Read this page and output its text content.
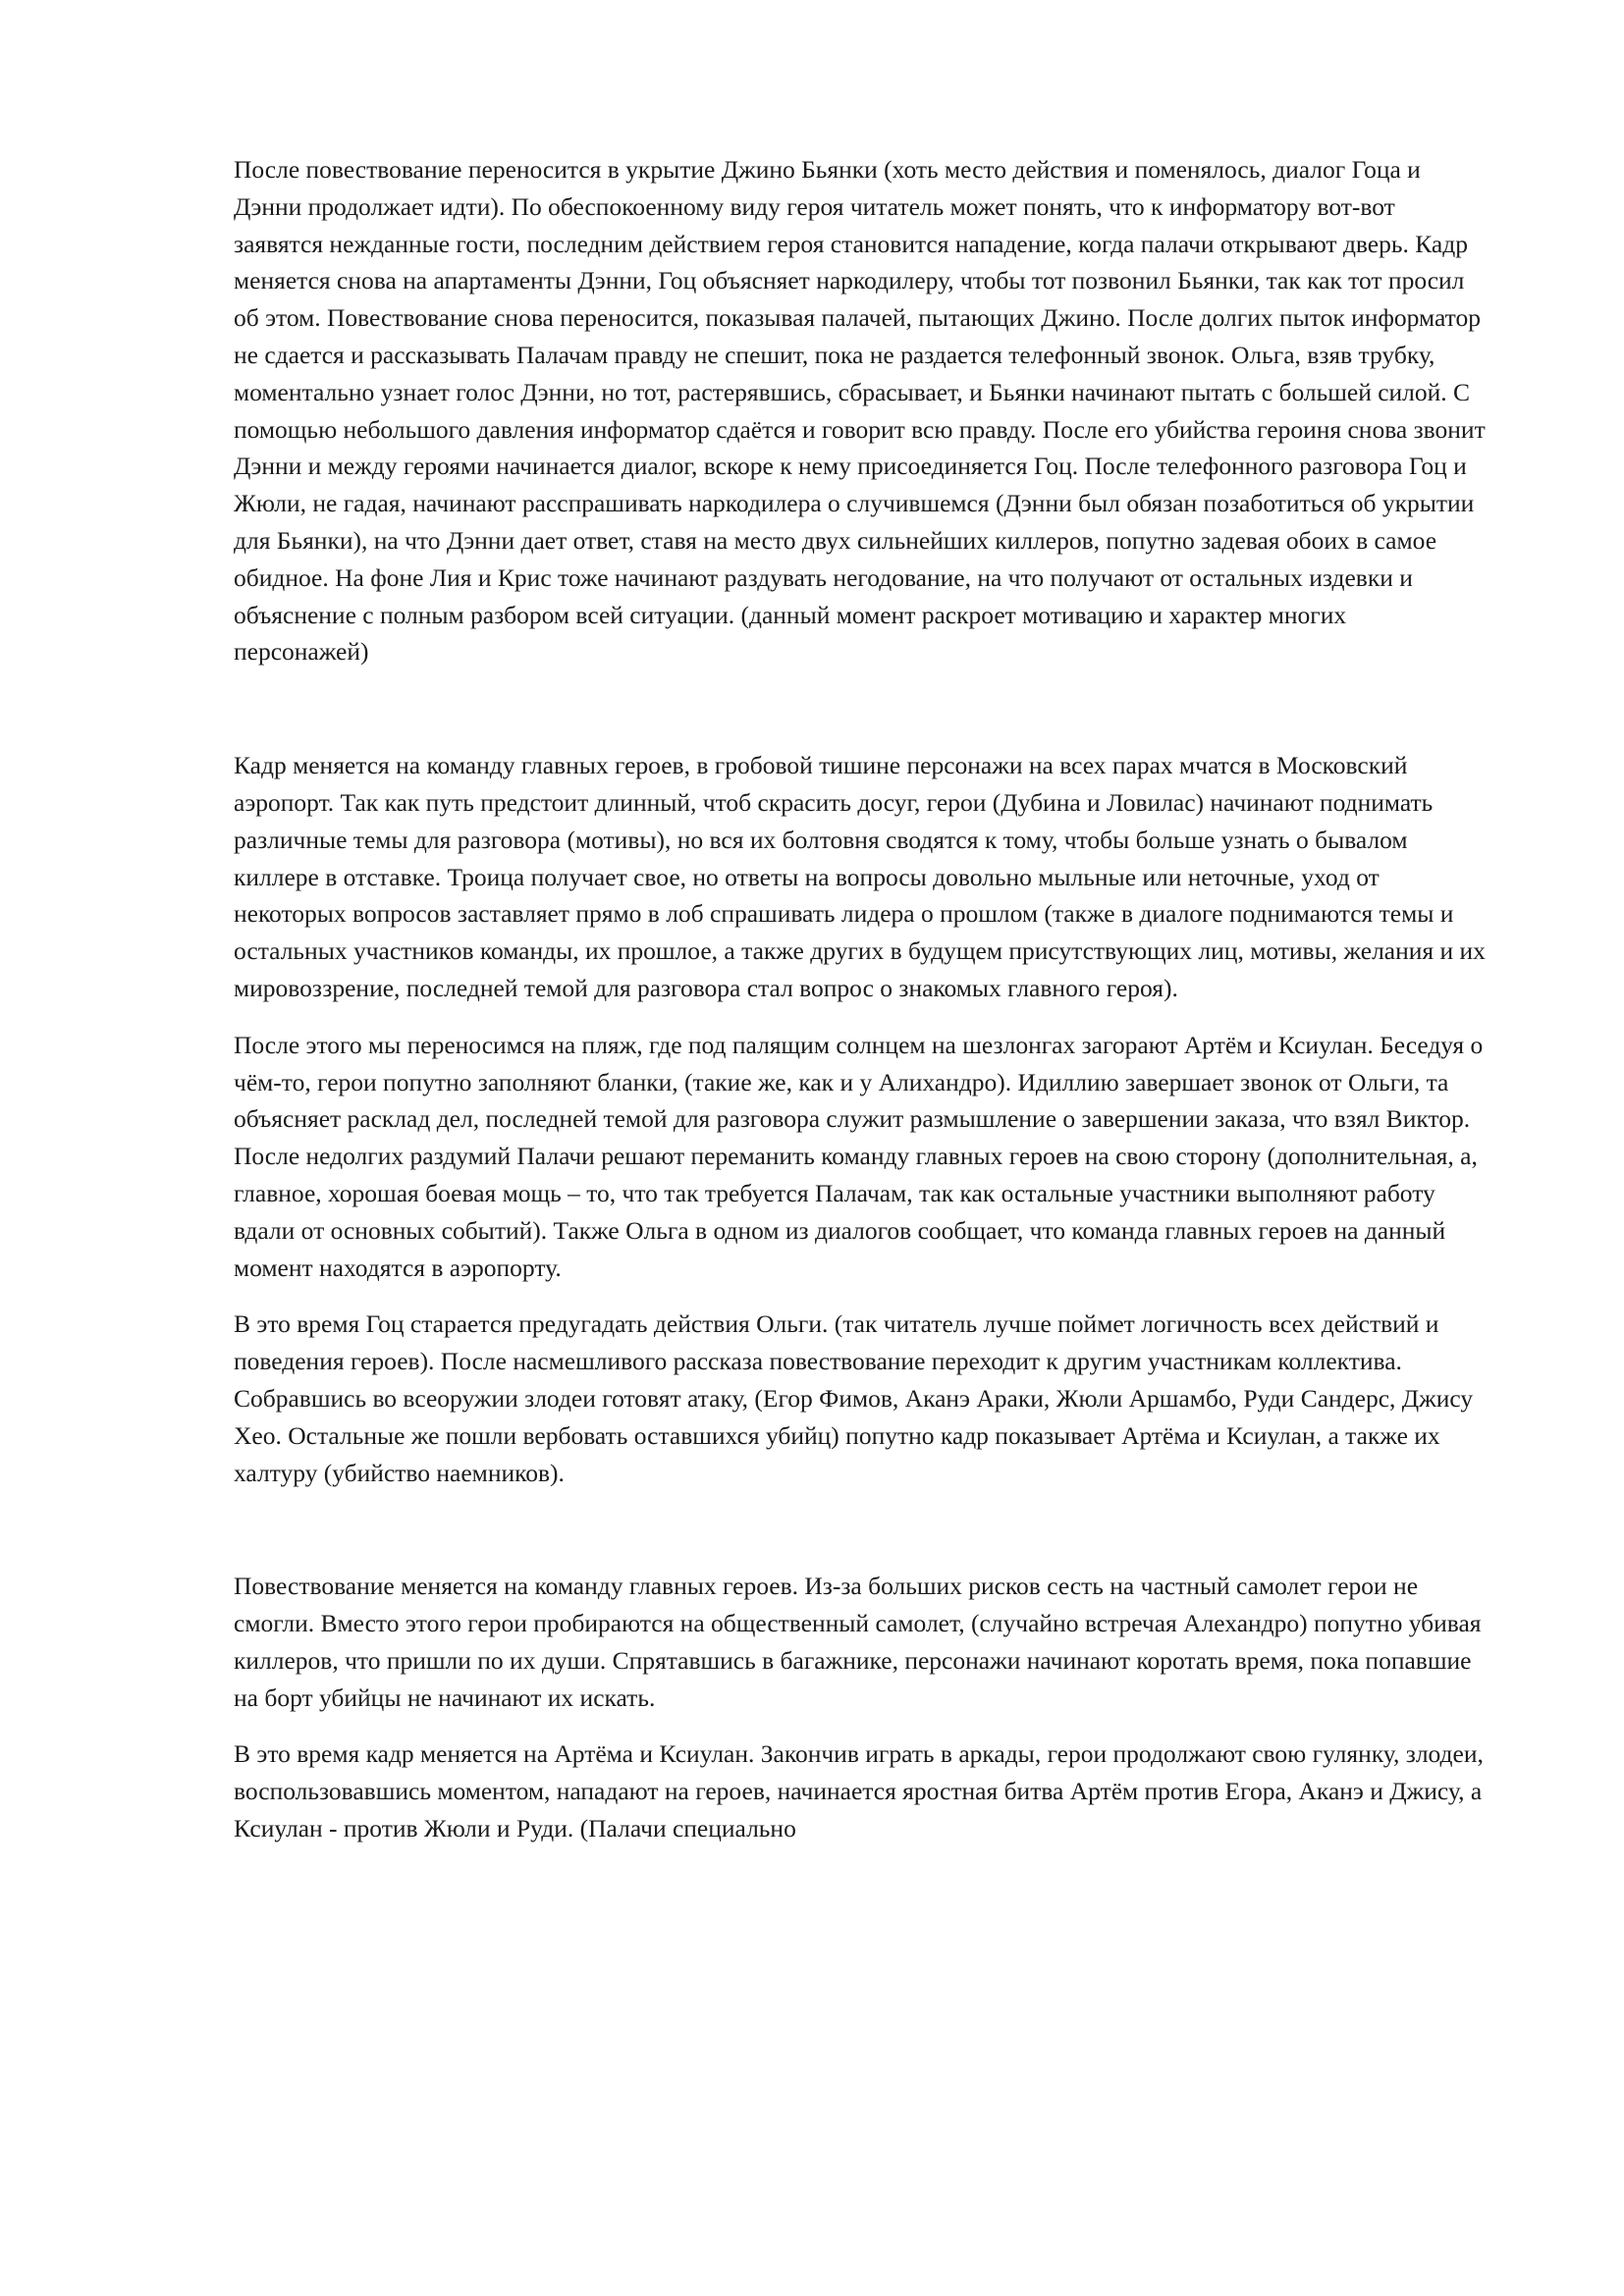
После повествование переносится в укрытие Джино Бьянки (хоть место действия и поменялось, диалог Гоца и Дэнни продолжает идти). По обеспокоенному виду героя читатель может понять, что к информатору вот-вот заявятся нежданные гости, последним действием героя становится нападение, когда палачи открывают дверь. Кадр меняется снова на апартаменты Дэнни, Гоц объясняет наркодилеру, чтобы тот позвонил Бьянки, так как тот просил об этом. Повествование снова переносится, показывая палачей, пытающих Джино. После долгих пыток информатор не сдается и рассказывать Палачам правду не спешит, пока не раздается телефонный звонок. Ольга, взяв трубку, моментально узнает голос Дэнни, но тот, растерявшись, сбрасывает, и Бьянки начинают пытать с большей силой. С помощью небольшого давления информатор сдаётся и говорит всю правду. После его убийства героиня снова звонит Дэнни и между героями начинается диалог, вскоре к нему присоединяется Гоц. После телефонного разговора Гоц и Жюли, не гадая, начинают расспрашивать наркодилера о случившемся (Дэнни был обязан позаботиться об укрытии для Бьянки), на что Дэнни дает ответ, ставя на место двух сильнейших киллеров, попутно задевая обоих в самое обидное. На фоне Лия и Крис тоже начинают раздувать негодование, на что получают от остальных издевки и объяснение с полным разбором всей ситуации. (данный момент раскроет мотивацию и характер многих персонажей)

Кадр меняется на команду главных героев, в гробовой тишине персонажи на всех парах мчатся в Московский аэропорт. Так как путь предстоит длинный, чтоб скрасить досуг, герои (Дубина и Ловилас) начинают поднимать различные темы для разговора (мотивы), но вся их болтовня сводятся к тому, чтобы больше узнать о бывалом киллере в отставке. Троица получает свое, но ответы на вопросы довольно мыльные или неточные, уход от некоторых вопросов заставляет прямо в лоб спрашивать лидера о прошлом (также в диалоге поднимаются темы и остальных участников команды, их прошлое, а также других в будущем присутствующих лиц, мотивы, желания и их мировоззрение, последней темой для разговора стал вопрос о знакомых главного героя).

После этого мы переносимся на пляж, где под палящим солнцем на шезлонгах загорают Артём и Ксиулан. Беседуя о чём-то, герои попутно заполняют бланки, (такие же, как и у Алихандро). Идиллию завершает звонок от Ольги, та объясняет расклад дел, последней темой для разговора служит размышление о завершении заказа, что взял Виктор. После недолгих раздумий Палачи решают переманить команду главных героев на свою сторону (дополнительная, а, главное, хорошая боевая мощь – то, что так требуется Палачам, так как остальные участники выполняют работу вдали от основных событий). Также Ольга в одном из диалогов сообщает, что команда главных героев на данный момент находятся в аэропорту.

В это время Гоц старается предугадать действия Ольги. (так читатель лучше поймет логичность всех действий и поведения героев). После насмешливого рассказа повествование переходит к другим участникам коллектива. Собравшись во всеоружии злодеи готовят атаку, (Егор Фимов, Аканэ Араки, Жюли Аршамбо, Руди Сандерс, Джису Хео. Остальные же пошли вербовать оставшихся убийц) попутно кадр показывает Артёма и Ксиулан, а также их халтуру (убийство наемников).

Повествование меняется на команду главных героев. Из-за больших рисков сесть на частный самолет герои не смогли. Вместо этого герои пробираются на общественный самолет, (случайно встречая Алехандро) попутно убивая киллеров, что пришли по их души. Спрятавшись в багажнике, персонажи начинают коротать время, пока попавшие на борт убийцы не начинают их искать.

В это время кадр меняется на Артёма и Ксиулан. Закончив играть в аркады, герои продолжают свою гулянку, злодеи, воспользовавшись моментом, нападают на героев, начинается яростная битва Артём против Егора, Аканэ и Джису, а Ксиулан - против Жюли и Руди. (Палачи специально
